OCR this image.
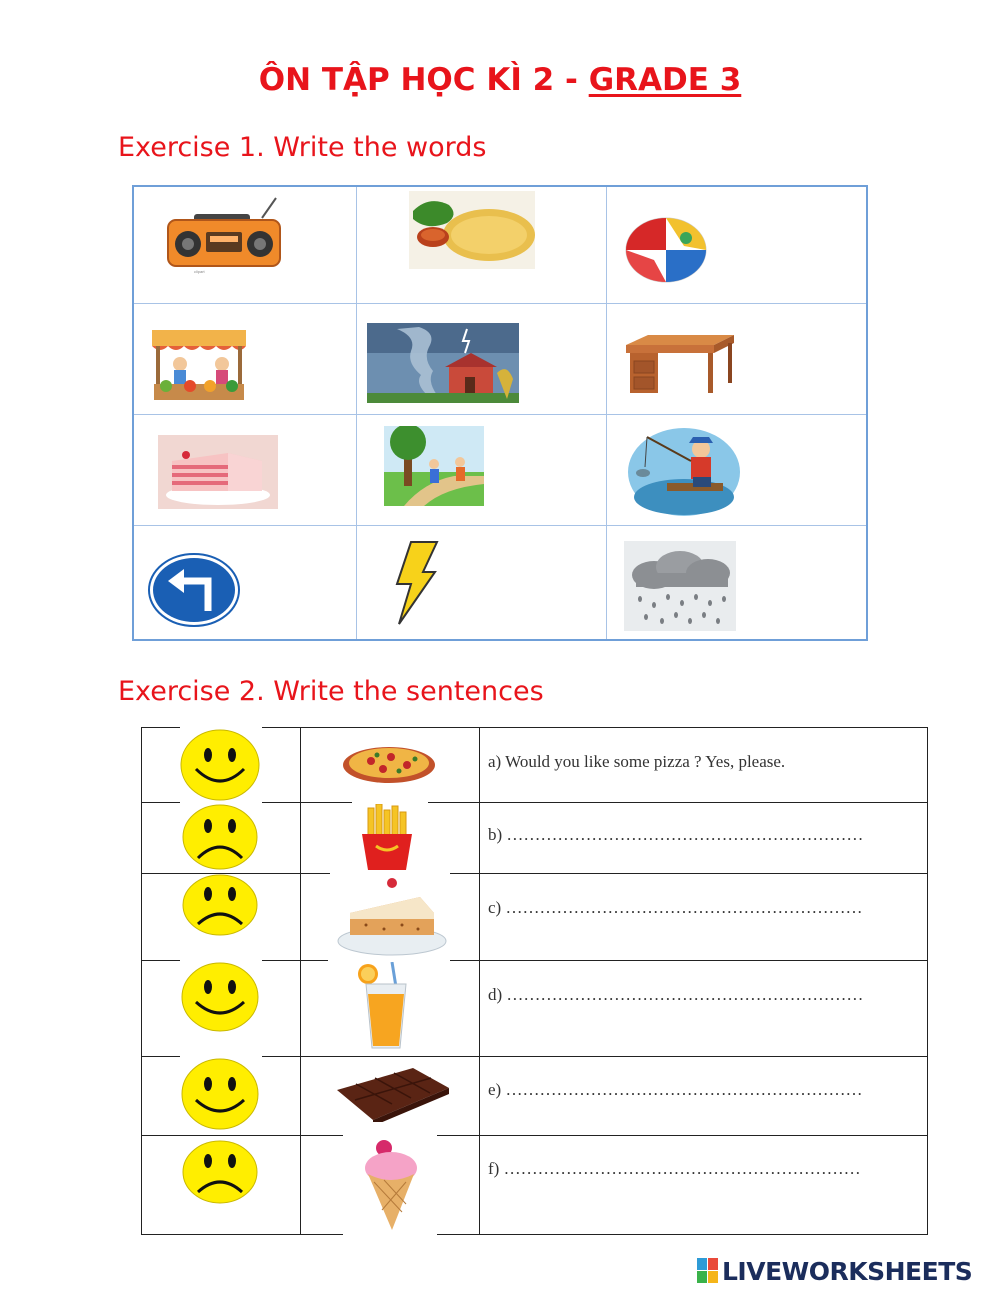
ÔN TẬP HỌC KÌ 2 - GRADE 3
Exercise 1. Write the words
clipart
Exercise 2. Write the sentences
a) Would you like some pizza ? Yes, please.
b) ………………………………………………………
c) ………………………………………………………
d) ………………………………………………………
e) ………………………………………………………
f) ………………………………………………………
LIVEWORKSHEETS
